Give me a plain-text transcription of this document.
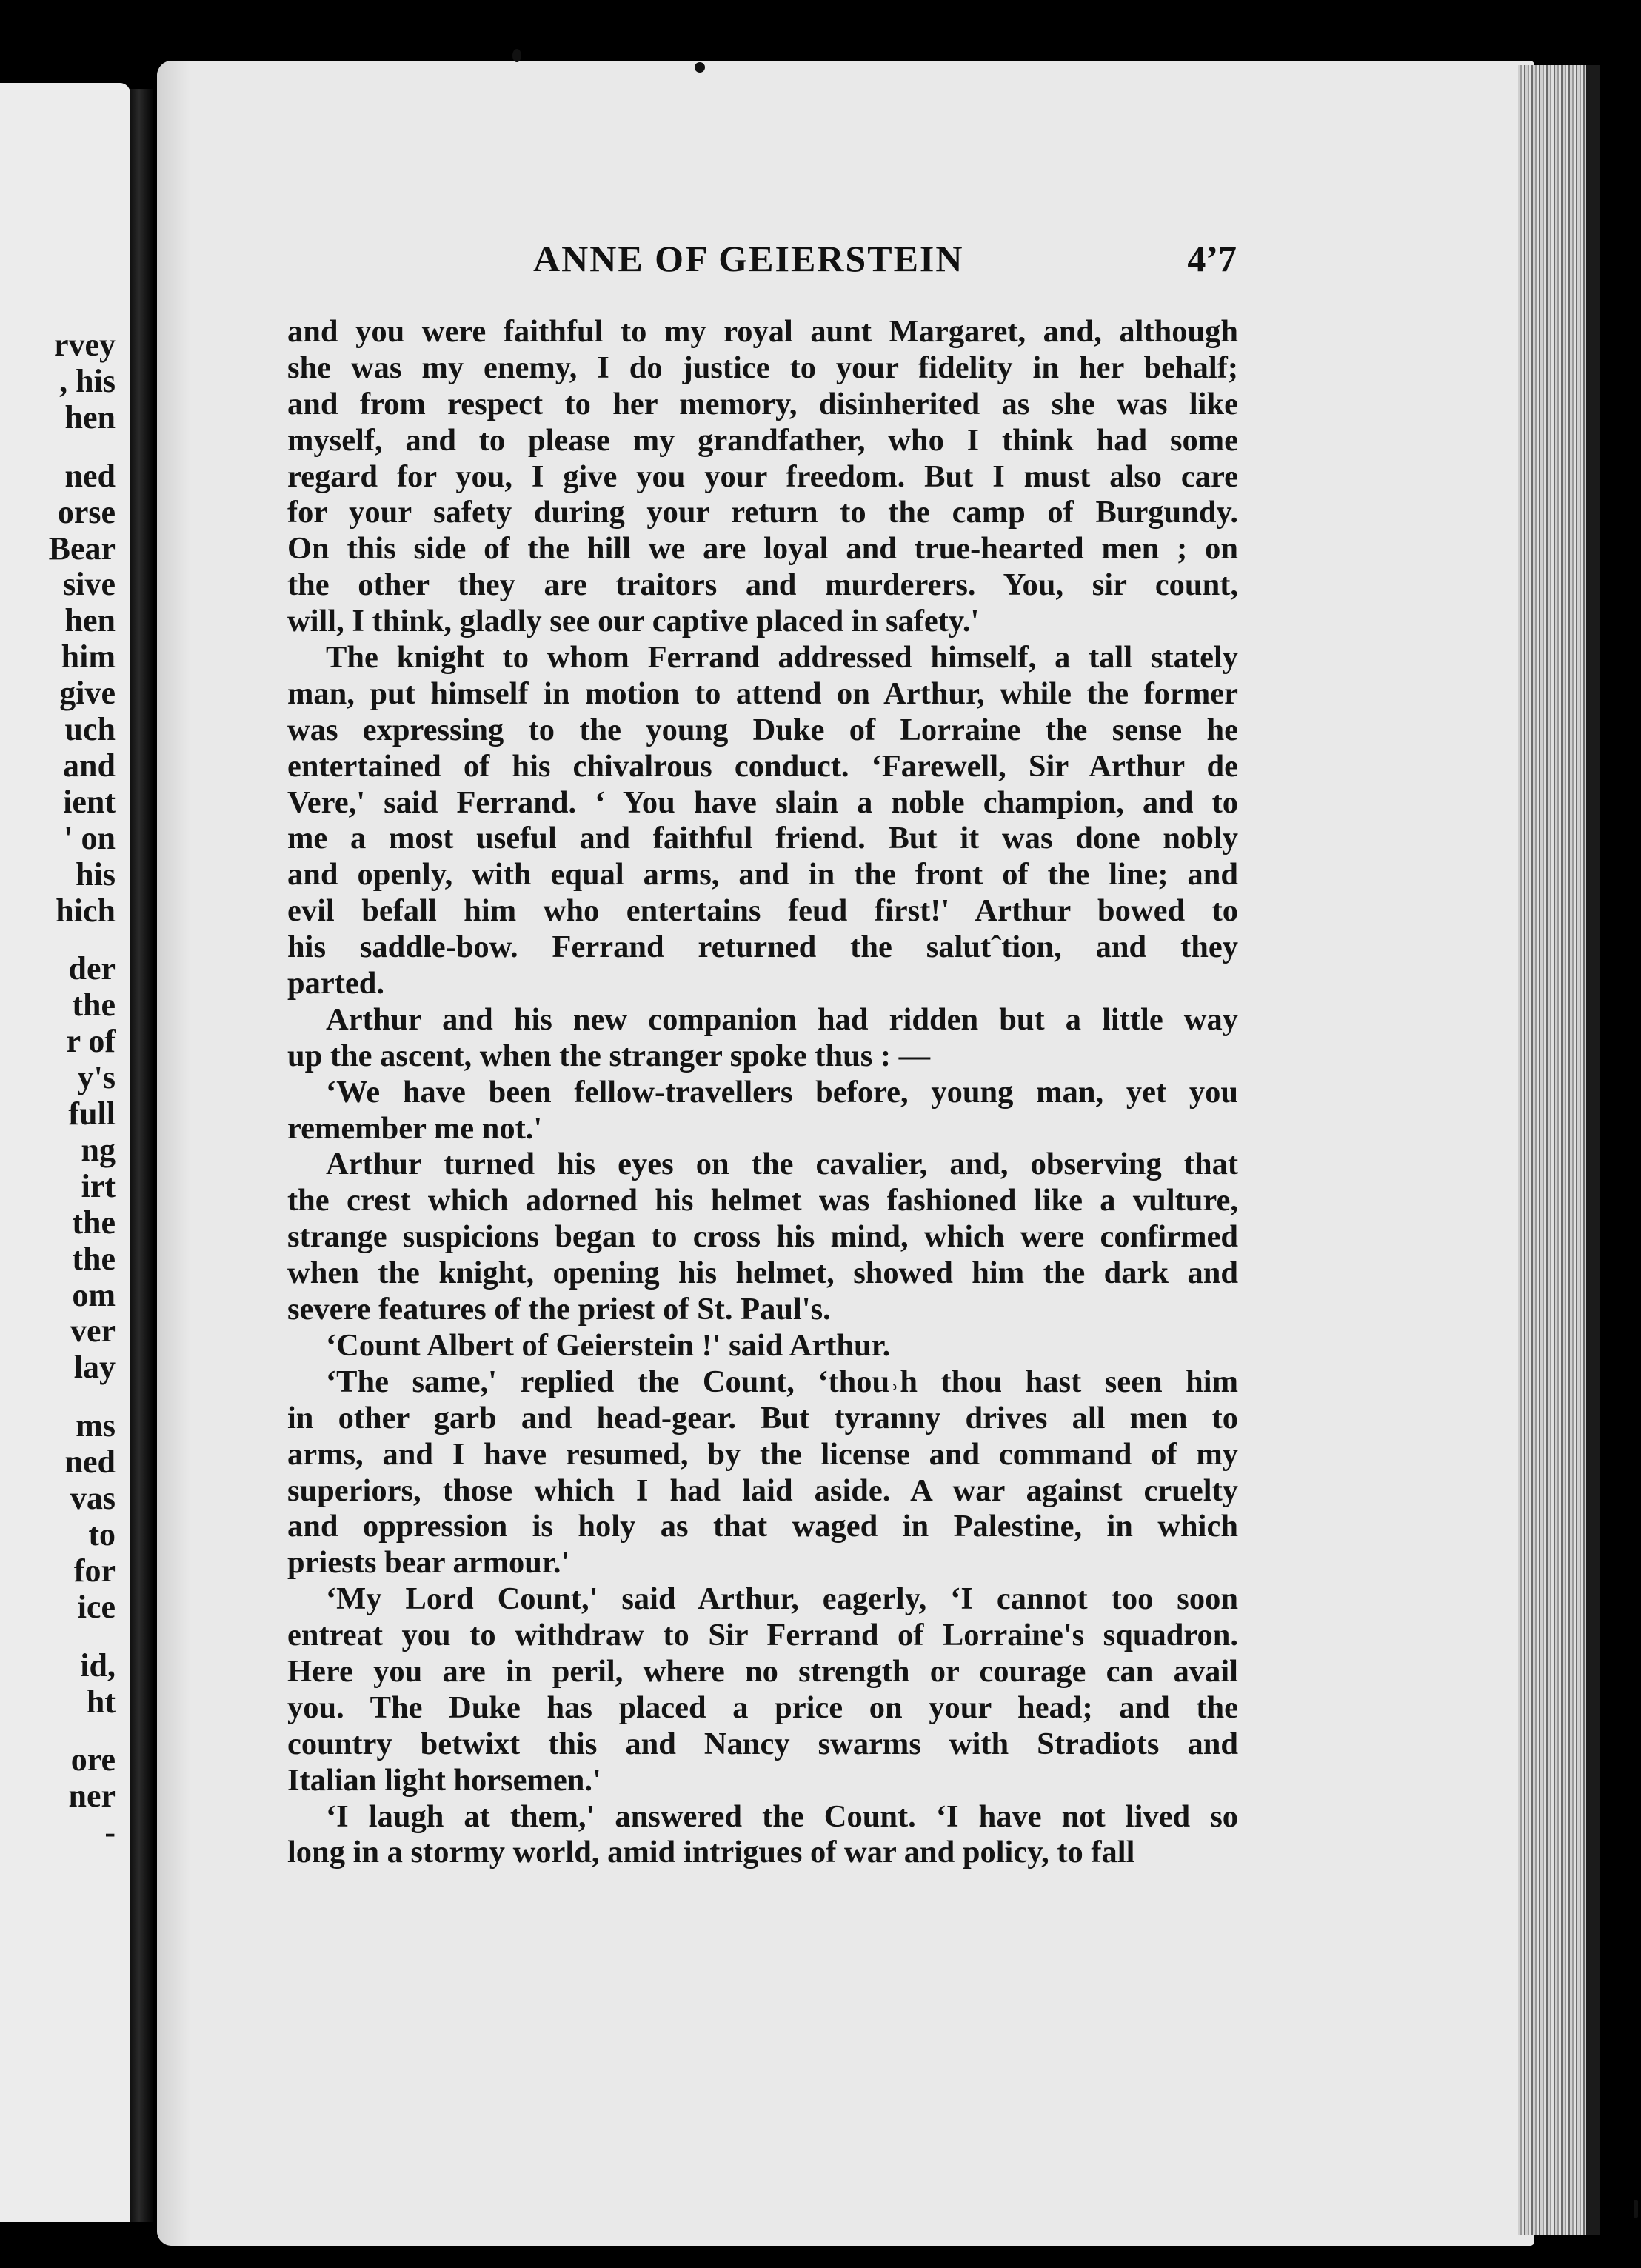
rvey
, his
hen
ned
orse
Bear
sive
hen
him
give
uch
and
ient
' on
his
hich
der
the
r of
y's
full
ng
irt
the
the
om
ver
lay
ms
ned
vas
to
for
ice
id,
ht
ore
ner
-
ANNE OF GEIERSTEIN	4ʼ7
and you were faithful to my royal aunt Margaret, and, although
she was my enemy, I do justice to your fidelity in her behalf;
and from respect to her memory, disinherited as she was like
myself, and to please my grandfather, who I think had some
regard for you, I give you your freedom. But I must also care
for your safety during your return to the camp of Burgundy.
On this side of the hill we are loyal and true-hearted men ; on
the other they are traitors and murderers. You, sir count,
will, I think, gladly see our captive placed in safety.'
The knight to whom Ferrand addressed himself, a tall stately
man, put himself in motion to attend on Arthur, while the former
was expressing to the young Duke of Lorraine the sense he
entertained of his chivalrous conduct. ‘Farewell, Sir Arthur de
Vere,' said Ferrand. ‘ You have slain a noble champion, and to
me a most useful and faithful friend. But it was done nobly
and openly, with equal arms, and in the front of the line; and
evil befall him who entertains feud first!' Arthur bowed to
his saddle-bow. Ferrand returned the salutˆtion, and they
parted.
Arthur and his new companion had ridden but a little way
up the ascent, when the stranger spoke thus : —
‘We have been fellow-travellers before, young man, yet you
remember me not.'
Arthur turned his eyes on the cavalier, and, observing that
the crest which adorned his helmet was fashioned like a vulture,
strange suspicions began to cross his mind, which were confirmed
when the knight, opening his helmet, showed him the dark and
severe features of the priest of St. Paul's.
‘Count Albert of Geierstein !' said Arthur.
‘The same,' replied the Count, ‘thou˒h thou hast seen him
in other garb and head-gear. But tyranny drives all men to
arms, and I have resumed, by the license and command of my
superiors, those which I had laid aside. A war against cruelty
and oppression is holy as that waged in Palestine, in which
priests bear armour.'
‘My Lord Count,' said Arthur, eagerly, ‘I cannot too soon
entreat you to withdraw to Sir Ferrand of Lorraine's squadron.
Here you are in peril, where no strength or courage can avail
you. The Duke has placed a price on your head; and the
country betwixt this and Nancy swarms with Stradiots and
Italian light horsemen.'
‘I laugh at them,' answered the Count. ‘I have not lived so
long in a stormy world, amid intrigues of war and policy, to fall
